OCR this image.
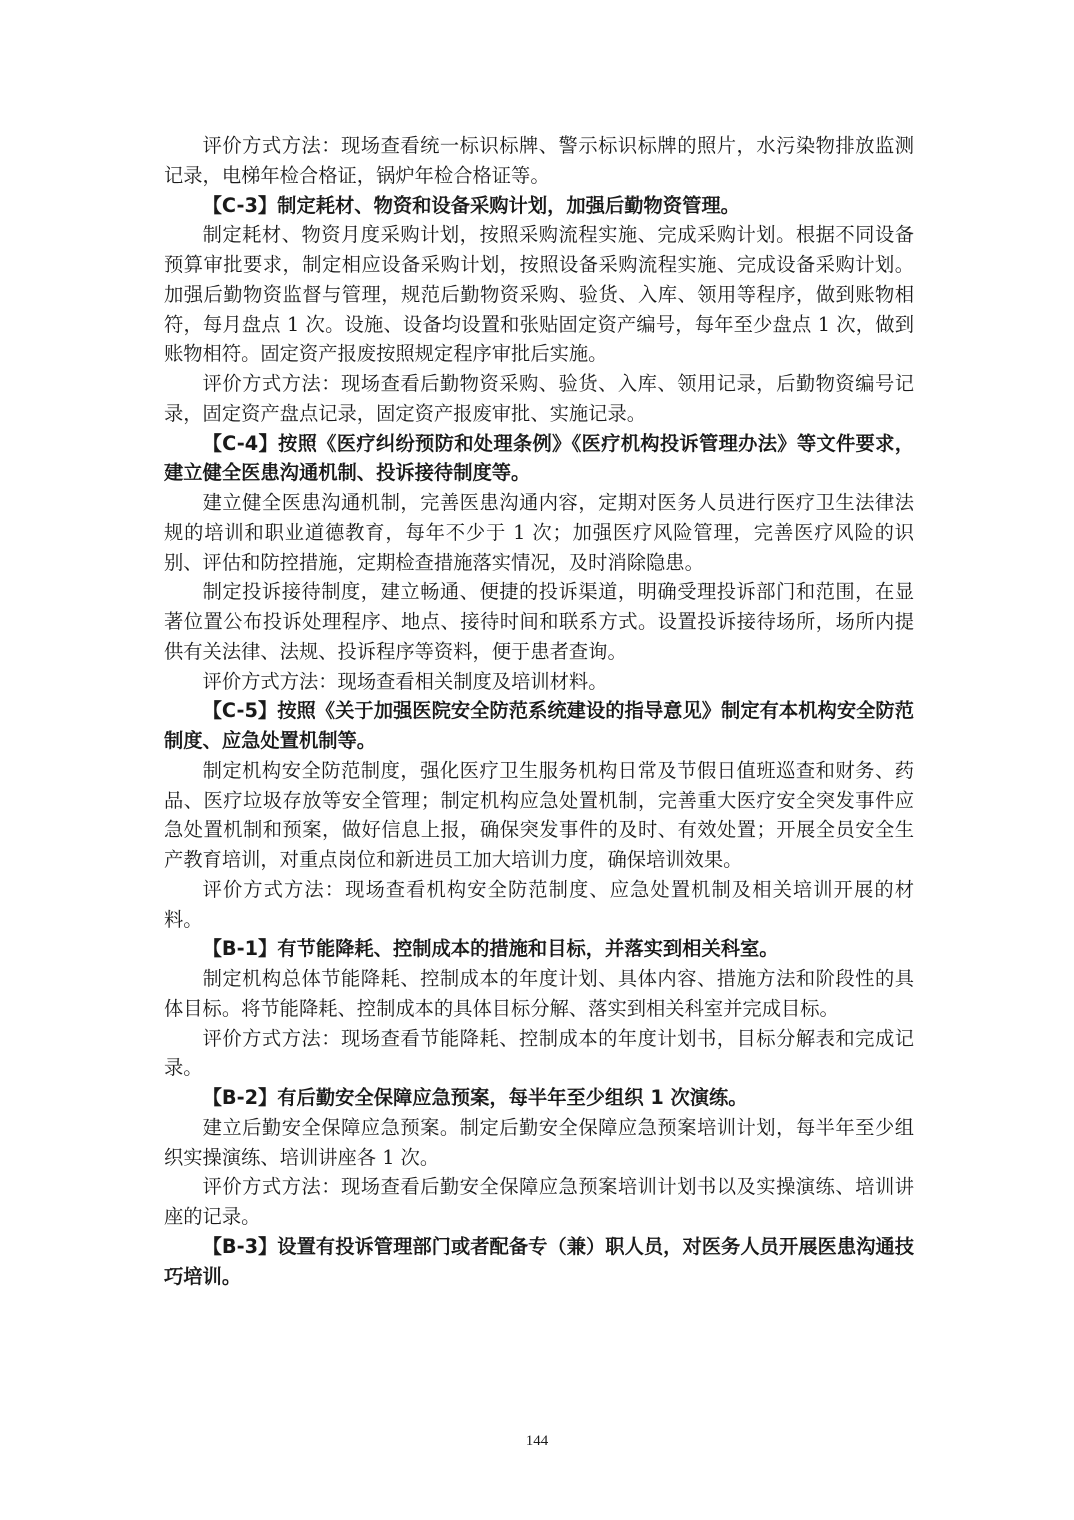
评价方式方法：现场查看统一标识标牌、警示标识标牌的照片，水污染物排放监测记录，电梯年检合格证，锅炉年检合格证等。

【C-3】制定耗材、物资和设备采购计划，加强后勤物资管理。

制定耗材、物资月度采购计划，按照采购流程实施、完成采购计划。根据不同设备预算审批要求，制定相应设备采购计划，按照设备采购流程实施、完成设备采购计划。加强后勤物资监督与管理，规范后勤物资采购、验货、入库、领用等程序，做到账物相符，每月盘点 1 次。设施、设备均设置和张贴固定资产编号，每年至少盘点 1 次，做到账物相符。固定资产报废按照规定程序审批后实施。

评价方式方法：现场查看后勤物资采购、验货、入库、领用记录，后勤物资编号记录，固定资产盘点记录，固定资产报废审批、实施记录。

【C-4】按照《医疗纠纷预防和处理条例》《医疗机构投诉管理办法》等文件要求，建立健全医患沟通机制、投诉接待制度等。

建立健全医患沟通机制，完善医患沟通内容，定期对医务人员进行医疗卫生法律法规的培训和职业道德教育，每年不少于 1 次；加强医疗风险管理，完善医疗风险的识别、评估和防控措施，定期检查措施落实情况，及时消除隐患。

制定投诉接待制度，建立畅通、便捷的投诉渠道，明确受理投诉部门和范围，在显著位置公布投诉处理程序、地点、接待时间和联系方式。设置投诉接待场所，场所内提供有关法律、法规、投诉程序等资料，便于患者查询。

评价方式方法：现场查看相关制度及培训材料。

【C-5】按照《关于加强医院安全防范系统建设的指导意见》制定有本机构安全防范制度、应急处置机制等。

制定机构安全防范制度，强化医疗卫生服务机构日常及节假日值班巡查和财务、药品、医疗垃圾存放等安全管理；制定机构应急处置机制，完善重大医疗安全突发事件应急处置机制和预案，做好信息上报，确保突发事件的及时、有效处置；开展全员安全生产教育培训，对重点岗位和新进员工加大培训力度，确保培训效果。

评价方式方法：现场查看机构安全防范制度、应急处置机制及相关培训开展的材料。

【B-1】有节能降耗、控制成本的措施和目标，并落实到相关科室。

制定机构总体节能降耗、控制成本的年度计划、具体内容、措施方法和阶段性的具体目标。将节能降耗、控制成本的具体目标分解、落实到相关科室并完成目标。

评价方式方法：现场查看节能降耗、控制成本的年度计划书，目标分解表和完成记录。

【B-2】有后勤安全保障应急预案，每半年至少组织 1 次演练。

建立后勤安全保障应急预案。制定后勤安全保障应急预案培训计划，每半年至少组织实操演练、培训讲座各 1 次。

评价方式方法：现场查看后勤安全保障应急预案培训计划书以及实操演练、培训讲座的记录。

【B-3】设置有投诉管理部门或者配备专（兼）职人员，对医务人员开展医患沟通技巧培训。

144
